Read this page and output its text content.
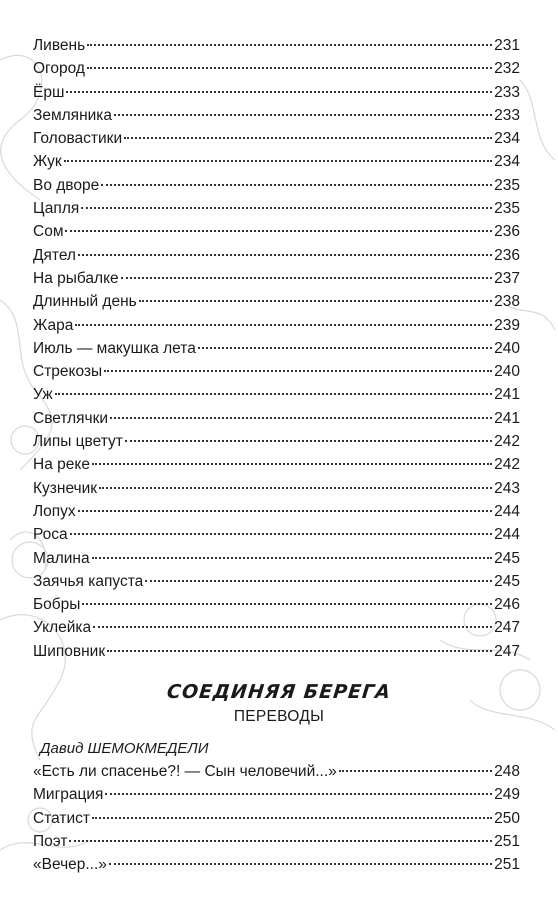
Ливень	231
Огород	232
Ёрш	233
Земляника	233
Головастики	234
Жук	234
Во дворе	235
Цапля	235
Сом	236
Дятел	236
На рыбалке	237
Длинный день	238
Жара	239
Июль — макушка лета	240
Стрекозы	240
Уж	241
Светлячки	241
Липы цветут	242
На реке	242
Кузнечик	243
Лопух	244
Роса	244
Малина	245
Заячья капуста	245
Бобры	246
Уклейка	247
Шиповник	247
СОЕДИНЯЯ БЕРЕГА
ПЕРЕВОДЫ
Давид ШЕМОКМЕДЕЛИ
«Есть ли спасенье?! — Сын человечий...»	248
Миграция	249
Статист	250
Поэт	251
«Вечер...»	251
